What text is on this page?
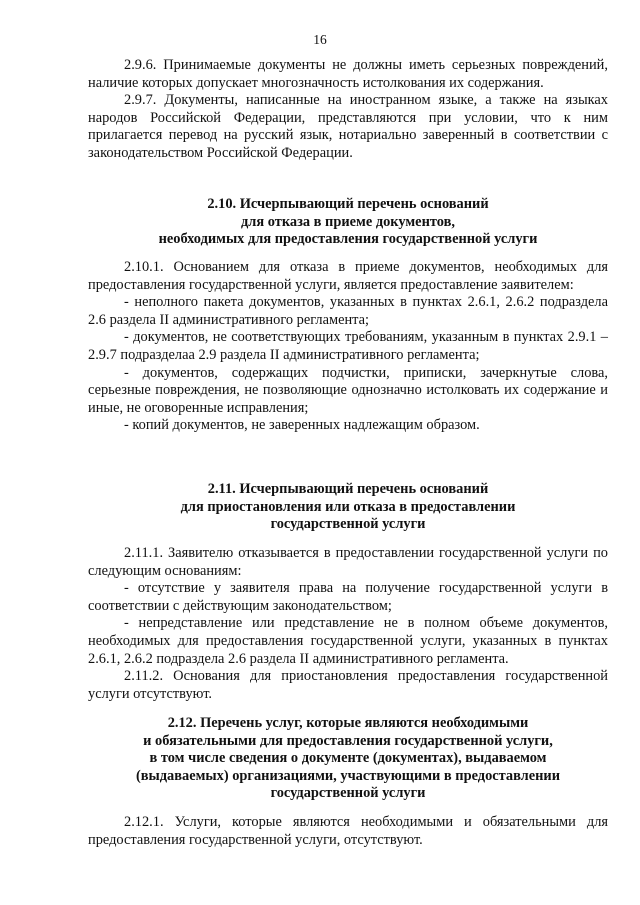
16

2.9.6. Принимаемые документы не должны иметь серьезных повреждений, наличие которых допускает многозначность истолкования их содержания.

2.9.7. Документы, написанные на иностранном языке, а также на языках народов Российской Федерации, представляются при условии, что к ним прилагается перевод на русский язык, нотариально заверенный в соответствии с законодательством Российской Федерации.

2.10. Исчерпывающий перечень оснований
для отказа в приеме документов,
необходимых для предоставления государственной услуги

2.10.1. Основанием для отказа в приеме документов, необходимых для предоставления государственной услуги, является предоставление заявителем:

- неполного пакета документов, указанных в пунктах 2.6.1, 2.6.2 подраздела 2.6 раздела II административного регламента;

- документов, не соответствующих требованиям, указанным в пунктах 2.9.1 – 2.9.7 подразделаа 2.9 раздела II административного регламента;

- документов, содержащих подчистки, приписки, зачеркнутые слова, серьезные повреждения, не позволяющие однозначно истолковать их содержание и иные, не оговоренные исправления;

- копий документов, не заверенных надлежащим образом.

2.11. Исчерпывающий перечень оснований
для приостановления или отказа в предоставлении
государственной услуги

2.11.1. Заявителю отказывается в предоставлении государственной услуги по следующим основаниям:

- отсутствие у заявителя права на получение государственной услуги в соответствии с действующим законодательством;

- непредставление или представление не в полном объеме документов, необходимых для предоставления государственной услуги, указанных в пунктах 2.6.1, 2.6.2 подраздела 2.6 раздела II административного регламента.

2.11.2. Основания для приостановления предоставления государственной услуги отсутствуют.

2.12. Перечень услуг, которые являются необходимыми
и обязательными для предоставления государственной услуги,
в том числе сведения о документе (документах), выдаваемом
(выдаваемых) организациями, участвующими в предоставлении
государственной услуги

2.12.1. Услуги, которые являются необходимыми и обязательными для предоставления государственной услуги, отсутствуют.
